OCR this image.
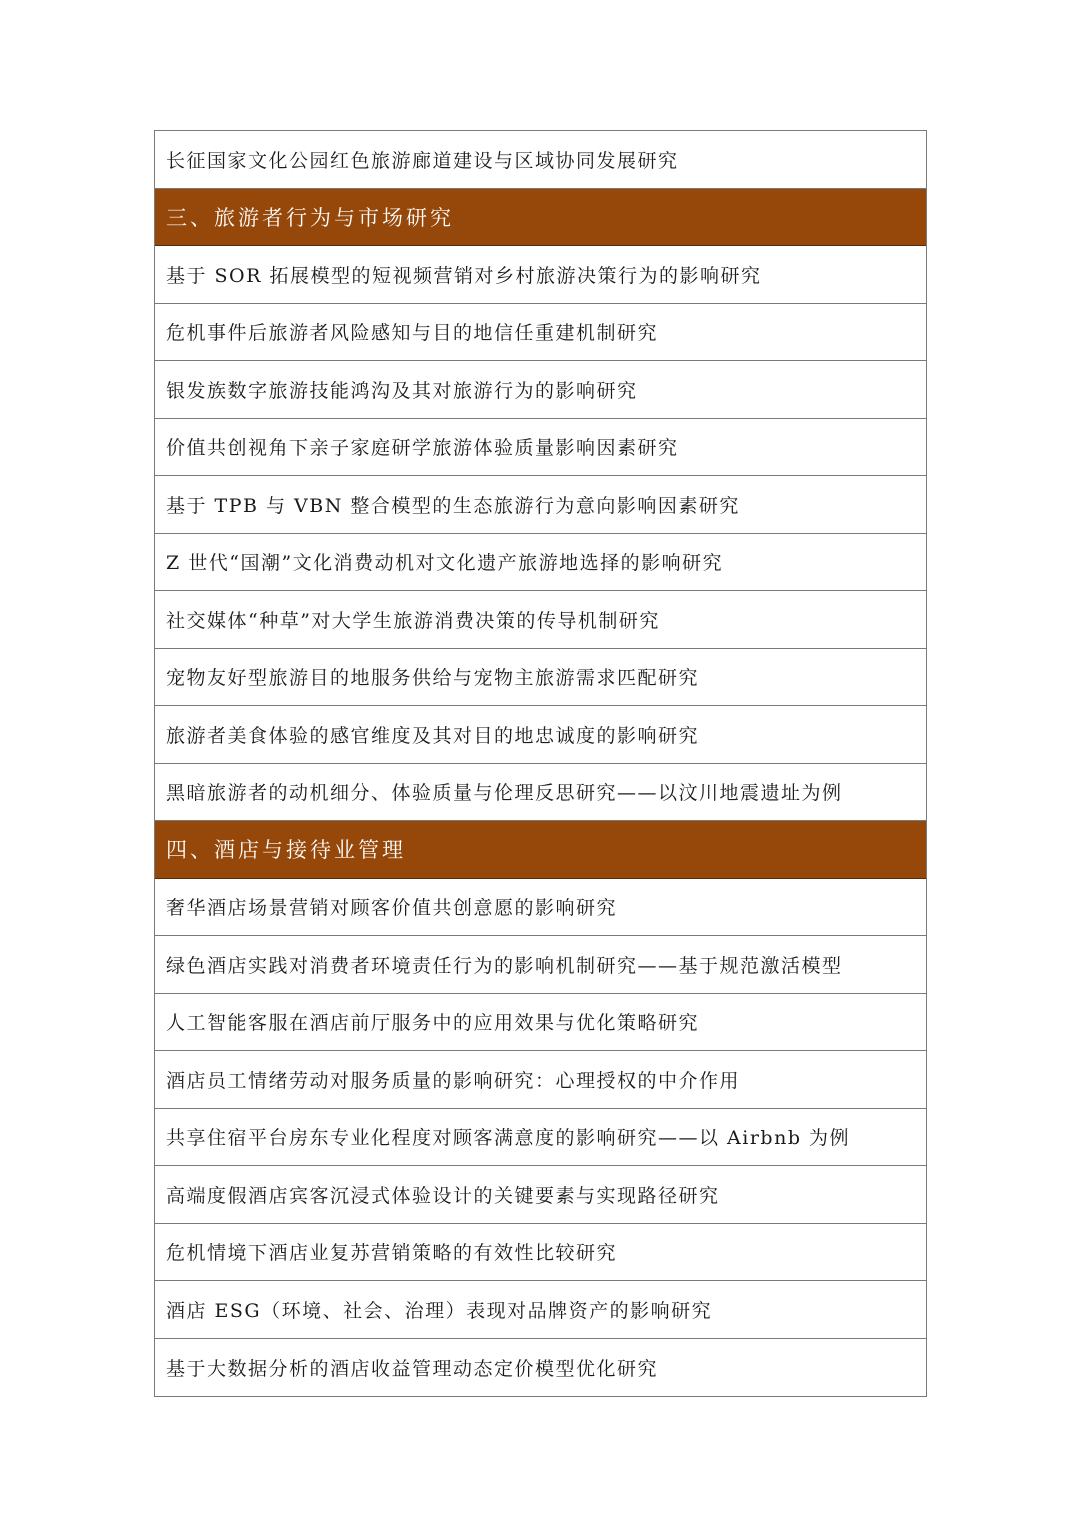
长征国家文化公园红色旅游廊道建设与区域协同发展研究
三、旅游者行为与市场研究
基于 SOR 拓展模型的短视频营销对乡村旅游决策行为的影响研究
危机事件后旅游者风险感知与目的地信任重建机制研究
银发族数字旅游技能鸿沟及其对旅游行为的影响研究
价值共创视角下亲子家庭研学旅游体验质量影响因素研究
基于 TPB 与 VBN 整合模型的生态旅游行为意向影响因素研究
Z 世代“国潮”文化消费动机对文化遗产旅游地选择的影响研究
社交媒体“种草”对大学生旅游消费决策的传导机制研究
宠物友好型旅游目的地服务供给与宠物主旅游需求匹配研究
旅游者美食体验的感官维度及其对目的地忠诚度的影响研究
黑暗旅游者的动机细分、体验质量与伦理反思研究——以汶川地震遗址为例
四、酒店与接待业管理
奢华酒店场景营销对顾客价值共创意愿的影响研究
绿色酒店实践对消费者环境责任行为的影响机制研究——基于规范激活模型
人工智能客服在酒店前厅服务中的应用效果与优化策略研究
酒店员工情绪劳动对服务质量的影响研究：心理授权的中介作用
共享住宿平台房东专业化程度对顾客满意度的影响研究——以 Airbnb 为例
高端度假酒店宾客沉浸式体验设计的关键要素与实现路径研究
危机情境下酒店业复苏营销策略的有效性比较研究
酒店 ESG（环境、社会、治理）表现对品牌资产的影响研究
基于大数据分析的酒店收益管理动态定价模型优化研究
